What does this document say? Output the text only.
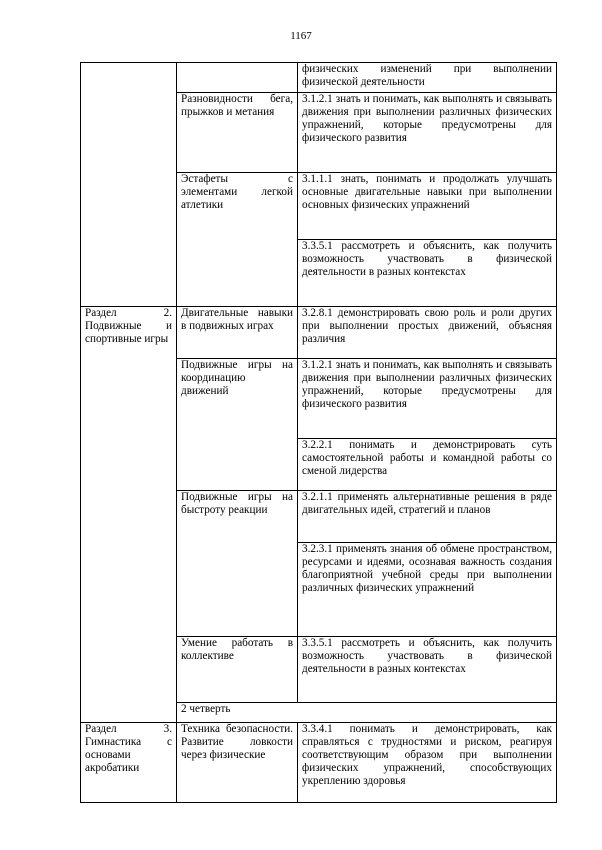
1167
		физических изменений при выполнении физической деятельности
	Разновидности бега, прыжков и метания	3.1.2.1 знать и понимать, как выполнять и связывать движения при выполнении различных физических упражнений, которые предусмотрены для физического развития
	Эстафеты с элементами легкой атлетики	3.1.1.1 знать, понимать и продолжать улучшать основные двигательные навыки при выполнении основных физических упражнений
		3.3.5.1 рассмотреть и объяснить, как получить возможность участвовать в физической деятельности в разных контекстах
Раздел 2. Подвижные и спортивные игры	Двигательные навыки в подвижных играх	3.2.8.1 демонстрировать свою роль и роли других при выполнении простых движений, объясняя различия
	Подвижные игры на координацию движений	3.1.2.1 знать и понимать, как выполнять и связывать движения при выполнении различных физических упражнений, которые предусмотрены для физического развития
		3.2.2.1 понимать и демонстрировать суть самостоятельной работы и командной работы со сменой лидерства
	Подвижные игры на быстроту реакции	3.2.1.1 применять альтернативные решения в ряде двигательных идей, стратегий и планов
		3.2.3.1 применять знания об обмене пространством, ресурсами и идеями, осознавая важность создания благоприятной учебной среды при выполнении различных физических упражнений
	Умение работать в коллективе	3.3.5.1 рассмотреть и объяснить, как получить возможность участвовать в физической деятельности в разных контекстах
	2 четверть	
Раздел 3. Гимнастика с основами акробатики	Техника безопасности. Развитие ловкости через физические	3.3.4.1 понимать и демонстрировать, как справляться с трудностями и риском, реагируя соответствующим образом при выполнении физических упражнений, способствующих укреплению здоровья
